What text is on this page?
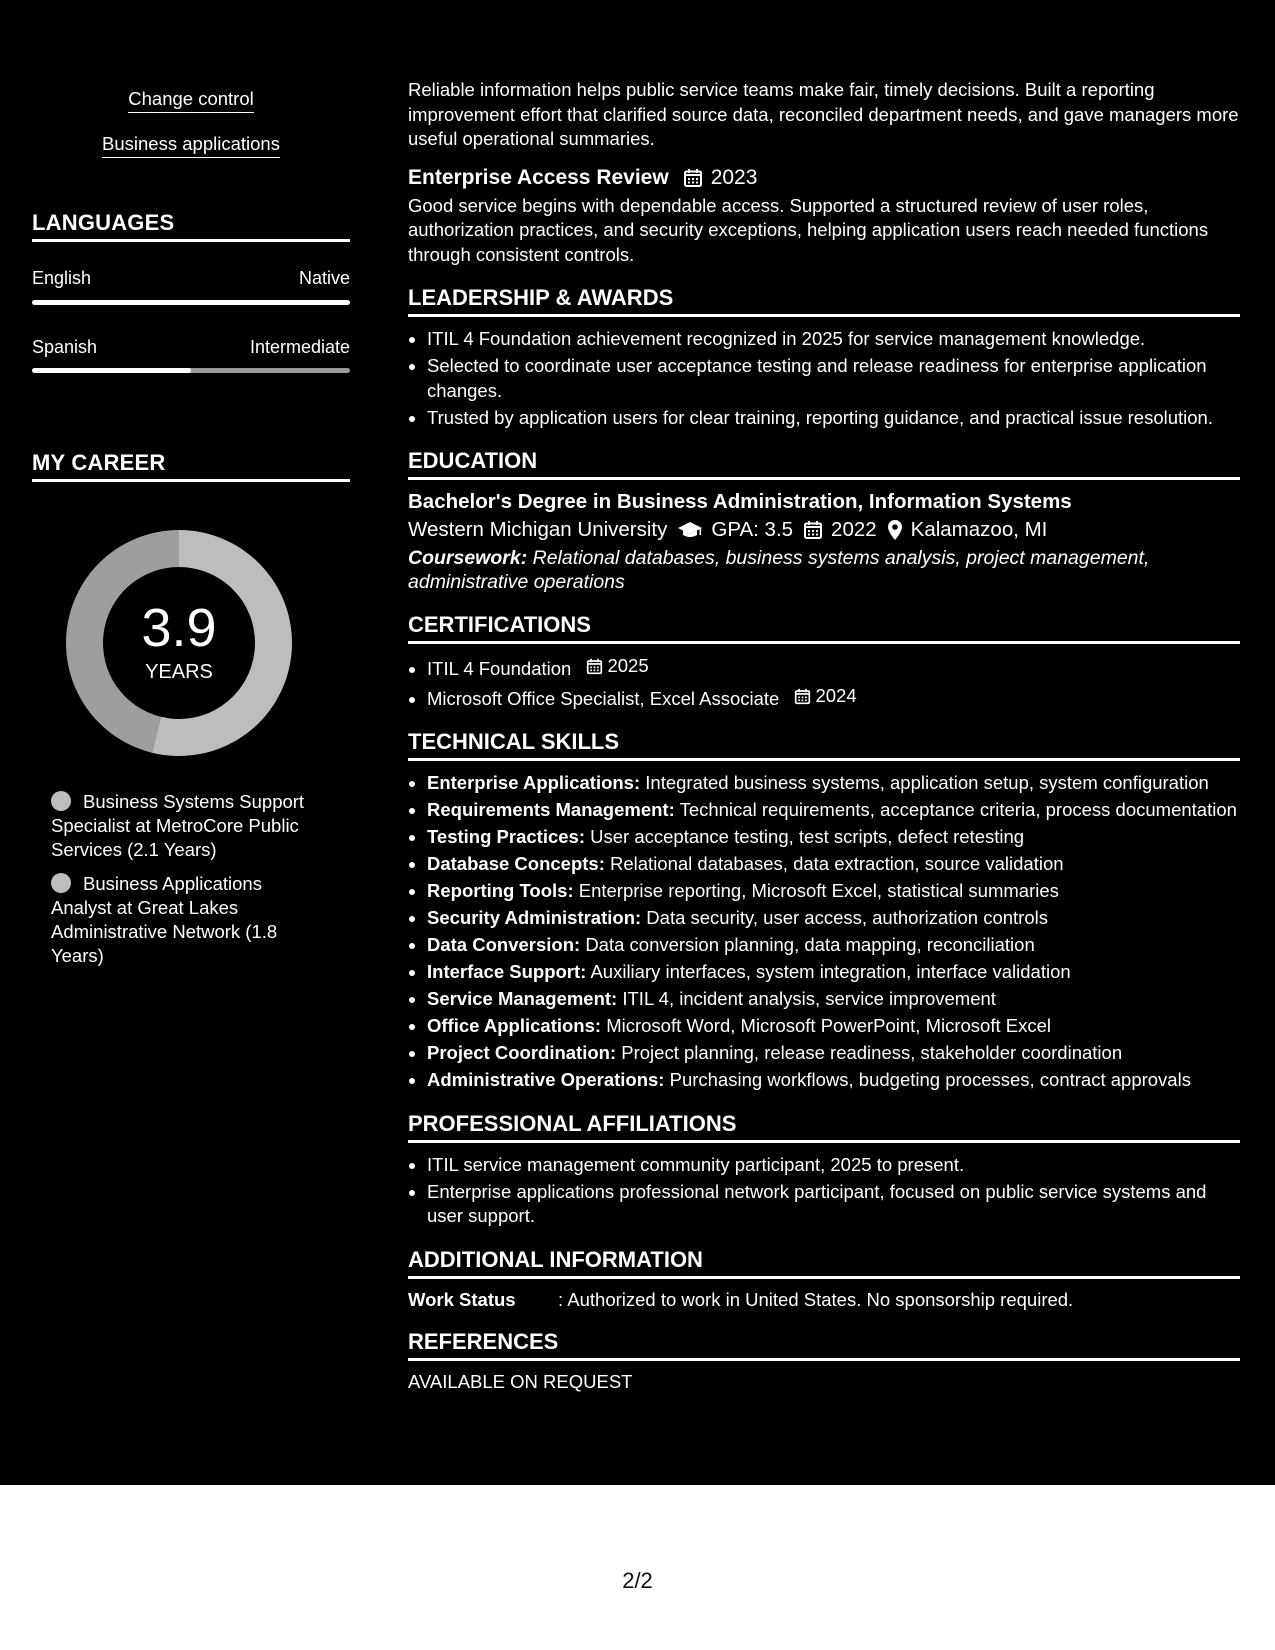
Change control
Business applications
LANGUAGES
English	Native
Spanish	Intermediate
MY CAREER
3.9
YEARS
Business Systems Support Specialist at MetroCore Public Services (2.1 Years)
Business Applications Analyst at Great Lakes Administrative Network (1.8 Years)

Reliable information helps public service teams make fair, timely decisions. Built a reporting improvement effort that clarified source data, reconciled department needs, and gave managers more useful operational summaries.

Enterprise Access Review 2023

Good service begins with dependable access. Supported a structured review of user roles, authorization practices, and security exceptions, helping application users reach needed functions through consistent controls.

LEADERSHIP & AWARDS
• ITIL 4 Foundation achievement recognized in 2025 for service management knowledge.
• Selected to coordinate user acceptance testing and release readiness for enterprise application changes.
• Trusted by application users for clear training, reporting guidance, and practical issue resolution.
EDUCATION
Bachelor's Degree in Business Administration, Information Systems
Western Michigan University GPA: 3.5 2022 Kalamazoo, MI

Coursework: Relational databases, business systems analysis, project management, administrative operations

CERTIFICATIONS
• ITIL 4 Foundation 2025
• Microsoft Office Specialist, Excel Associate 2024
TECHNICAL SKILLS
• Enterprise Applications: Integrated business systems, application setup, system configuration
• Requirements Management: Technical requirements, acceptance criteria, process documentation
• Testing Practices: User acceptance testing, test scripts, defect retesting
• Database Concepts: Relational databases, data extraction, source validation
• Reporting Tools: Enterprise reporting, Microsoft Excel, statistical summaries
• Security Administration: Data security, user access, authorization controls
• Data Conversion: Data conversion planning, data mapping, reconciliation
• Interface Support: Auxiliary interfaces, system integration, interface validation
• Service Management: ITIL 4, incident analysis, service improvement
• Office Applications: Microsoft Word, Microsoft PowerPoint, Microsoft Excel
• Project Coordination: Project planning, release readiness, stakeholder coordination
• Administrative Operations: Purchasing workflows, budgeting processes, contract approvals
PROFESSIONAL AFFILIATIONS
• ITIL service management community participant, 2025 to present.
• Enterprise applications professional network participant, focused on public service systems and user support.
ADDITIONAL INFORMATION
Work Status	: Authorized to work in United States. No sponsorship required.
REFERENCES
AVAILABLE ON REQUEST
2/2
